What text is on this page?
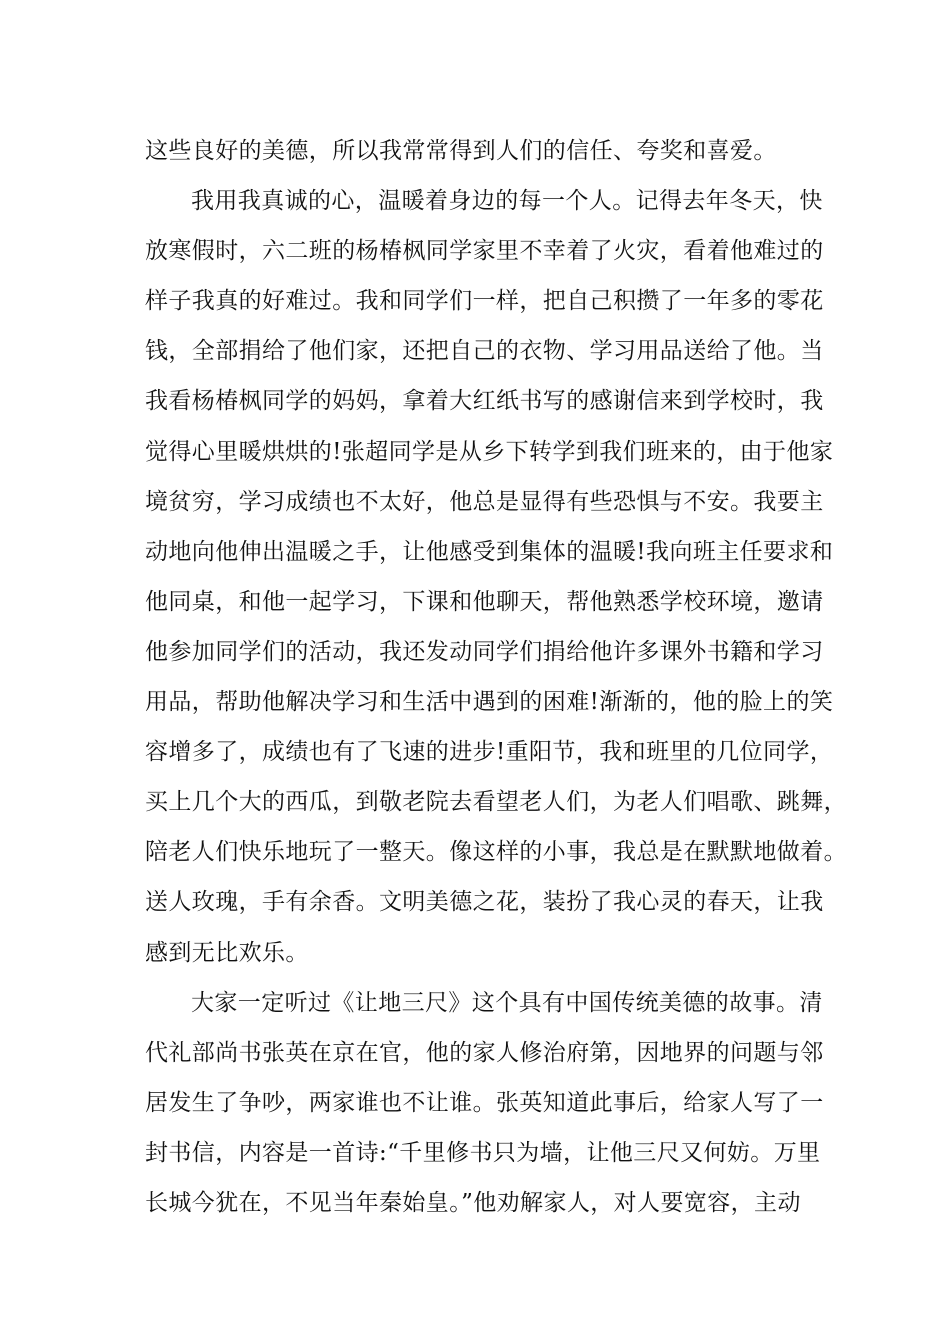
这些良好的美德，所以我常常得到人们的信任、夸奖和喜爱。
我用我真诚的心，温暖着身边的每一个人。记得去年冬天，快
放寒假时，六二班的杨椿枫同学家里不幸着了火灾，看着他难过的
样子我真的好难过。我和同学们一样，把自己积攒了一年多的零花
钱，全部捐给了他们家，还把自己的衣物、学习用品送给了他。当
我看杨椿枫同学的妈妈，拿着大红纸书写的感谢信来到学校时，我
觉得心里暖烘烘的!张超同学是从乡下转学到我们班来的，由于他家
境贫穷，学习成绩也不太好，他总是显得有些恐惧与不安。我要主
动地向他伸出温暖之手，让他感受到集体的温暖!我向班主任要求和
他同桌，和他一起学习，下课和他聊天，帮他熟悉学校环境，邀请
他参加同学们的活动，我还发动同学们捐给他许多课外书籍和学习
用品，帮助他解决学习和生活中遇到的困难!渐渐的，他的脸上的笑
容增多了，成绩也有了飞速的进步!重阳节，我和班里的几位同学，
买上几个大的西瓜，到敬老院去看望老人们，为老人们唱歌、跳舞，
陪老人们快乐地玩了一整天。像这样的小事，我总是在默默地做着。
送人玫瑰，手有余香。文明美德之花，装扮了我心灵的春天，让我
感到无比欢乐。
大家一定听过《让地三尺》这个具有中国传统美德的故事。清
代礼部尚书张英在京在官，他的家人修治府第，因地界的问题与邻
居发生了争吵，两家谁也不让谁。张英知道此事后，给家人写了一
封书信，内容是一首诗:“千里修书只为墙，让他三尺又何妨。万里
长城今犹在，不见当年秦始皇。”他劝解家人，对人要宽容，主动
